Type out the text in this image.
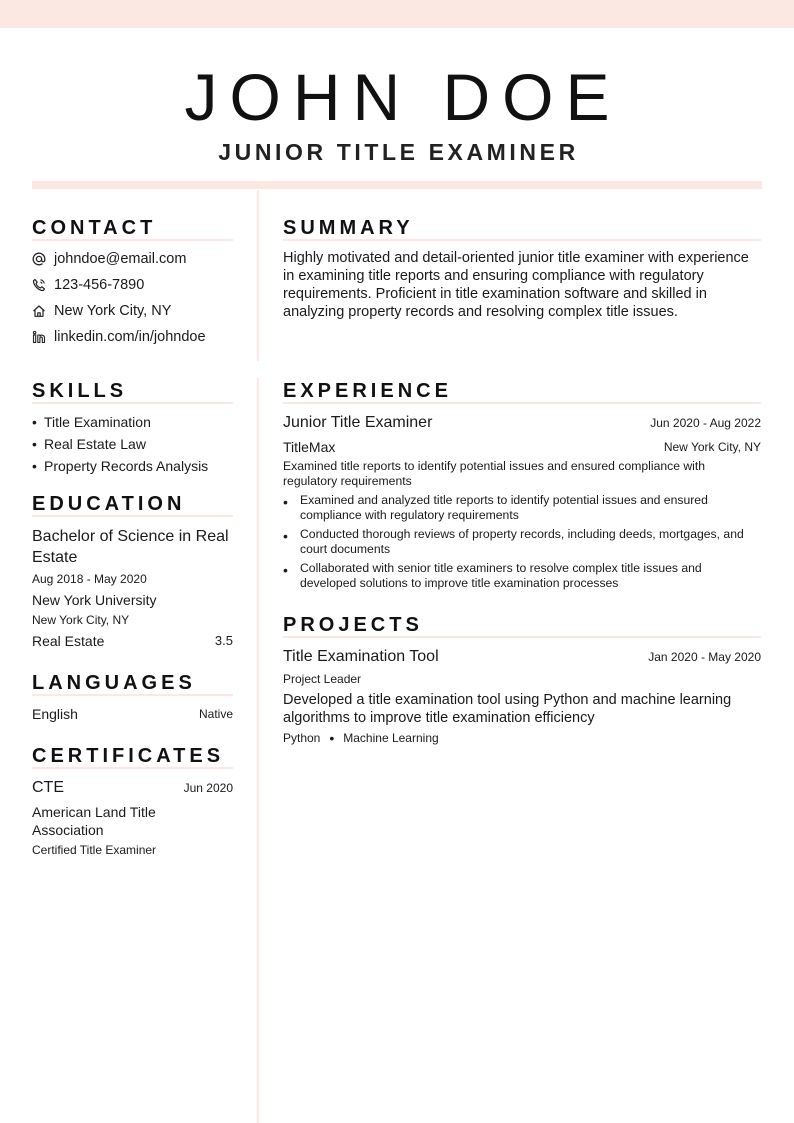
JOHN DOE
JUNIOR TITLE EXAMINER
CONTACT
johndoe@email.com
123-456-7890
New York City, NY
linkedin.com/in/johndoe
SKILLS
• Title Examination
• Real Estate Law
• Property Records Analysis
EDUCATION
Bachelor of Science in Real Estate
Aug 2018 - May 2020
New York University
New York City, NY
Real Estate	3.5
LANGUAGES
English	Native
CERTIFICATES
CTE	Jun 2020
American Land Title Association
Certified Title Examiner
SUMMARY
Highly motivated and detail-oriented junior title examiner with experience in examining title reports and ensuring compliance with regulatory requirements. Proficient in title examination software and skilled in analyzing property records and resolving complex title issues.
EXPERIENCE
Junior Title Examiner	Jun 2020 - Aug 2022
TitleMax	New York City, NY
Examined title reports to identify potential issues and ensured compliance with regulatory requirements
• Examined and analyzed title reports to identify potential issues and ensured compliance with regulatory requirements
• Conducted thorough reviews of property records, including deeds, mortgages, and court documents
• Collaborated with senior title examiners to resolve complex title issues and developed solutions to improve title examination processes
PROJECTS
Title Examination Tool	Jan 2020 - May 2020
Project Leader
Developed a title examination tool using Python and machine learning algorithms to improve title examination efficiency
Python • Machine Learning
